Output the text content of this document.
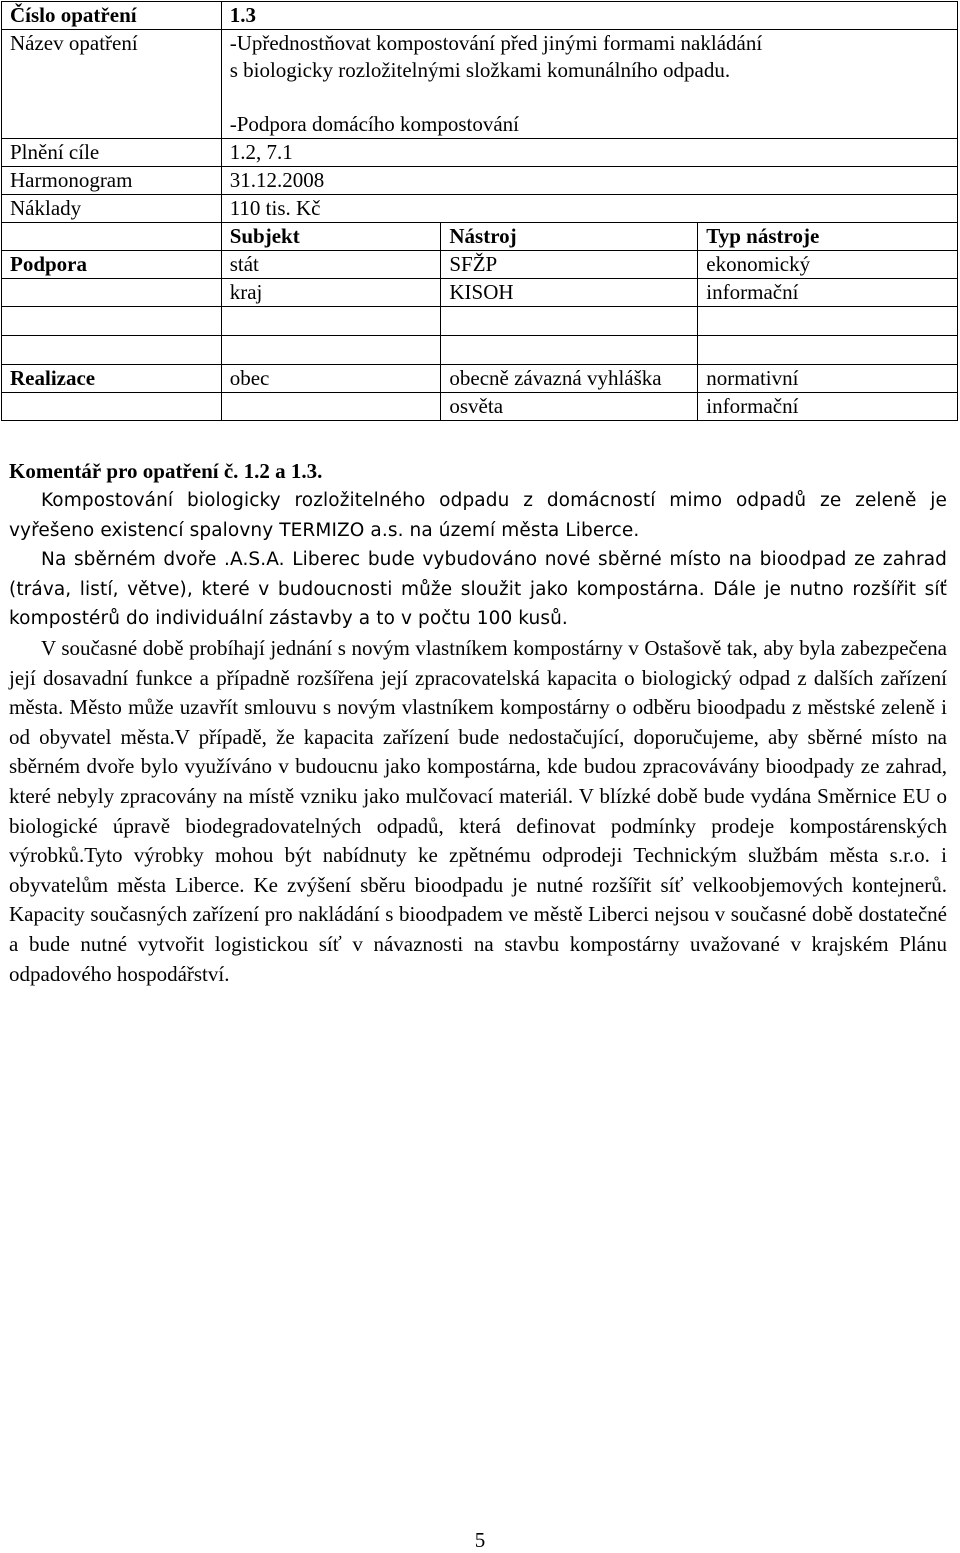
Číslo opatření	1.3		
Název opatření	-Upřednostňovat kompostování před jinými formami nakládání
s biologicky rozložitelnými složkami komunálního odpadu.
-Podpora domácího kompostování		

Plnění cíle	1.2, 7.1		
Harmonogram	31.12.2008		
Náklady	110 tis. Kč		
	Subjekt	Nástroj	Typ nástroje
Podpora	stát	SFŽP	ekonomický
	kraj	KISOH	informační

Realizace	obec	obecně závazná vyhláška	normativní
		osvěta	informační
Komentář pro opatření č. 1.2 a 1.3.

Kompostování biologicky rozložitelného odpadu z domácností mimo odpadů ze zeleně je vyřešeno existencí spalovny TERMIZO a.s. na území města Liberce.

Na sběrném dvoře .A.S.A. Liberec bude vybudováno nové sběrné místo na bioodpad ze zahrad (tráva, listí, větve), které v budoucnosti může sloužit jako kompostárna. Dále je nutno rozšířit síť kompostérů do individuální zástavby a to v počtu 100 kusů.

V současné době probíhají jednání s novým vlastníkem kompostárny v Ostašově tak, aby byla zabezpečena její dosavadní funkce a případně rozšířena její zpracovatelská kapacita o biologický odpad z dalších zařízení města. Město může uzavřít smlouvu s novým vlastníkem kompostárny o odběru bioodpadu z městské zeleně i od obyvatel města.V případě, že kapacita zařízení bude nedostačující, doporučujeme, aby sběrné místo na sběrném dvoře bylo využíváno v budoucnu jako kompostárna, kde budou zpracovávány bioodpady ze zahrad, které nebyly zpracovány na místě vzniku jako mulčovací materiál. V blízké době bude vydána Směrnice EU o biologické úpravě biodegradovatelných odpadů, která definovat podmínky prodeje kompostárenských výrobků.Tyto výrobky mohou být nabídnuty ke zpětnému odprodeji Technickým službám města s.r.o. i obyvatelům města Liberce. Ke zvýšení sběru bioodpadu je nutné rozšířit síť velkoobjemových kontejnerů. Kapacity současných zařízení pro nakládání s bioodpadem ve městě Liberci nejsou v současné době dostatečné a bude nutné vytvořit logistickou síť v návaznosti na stavbu kompostárny uvažované v krajském Plánu odpadového hospodářství.

5
